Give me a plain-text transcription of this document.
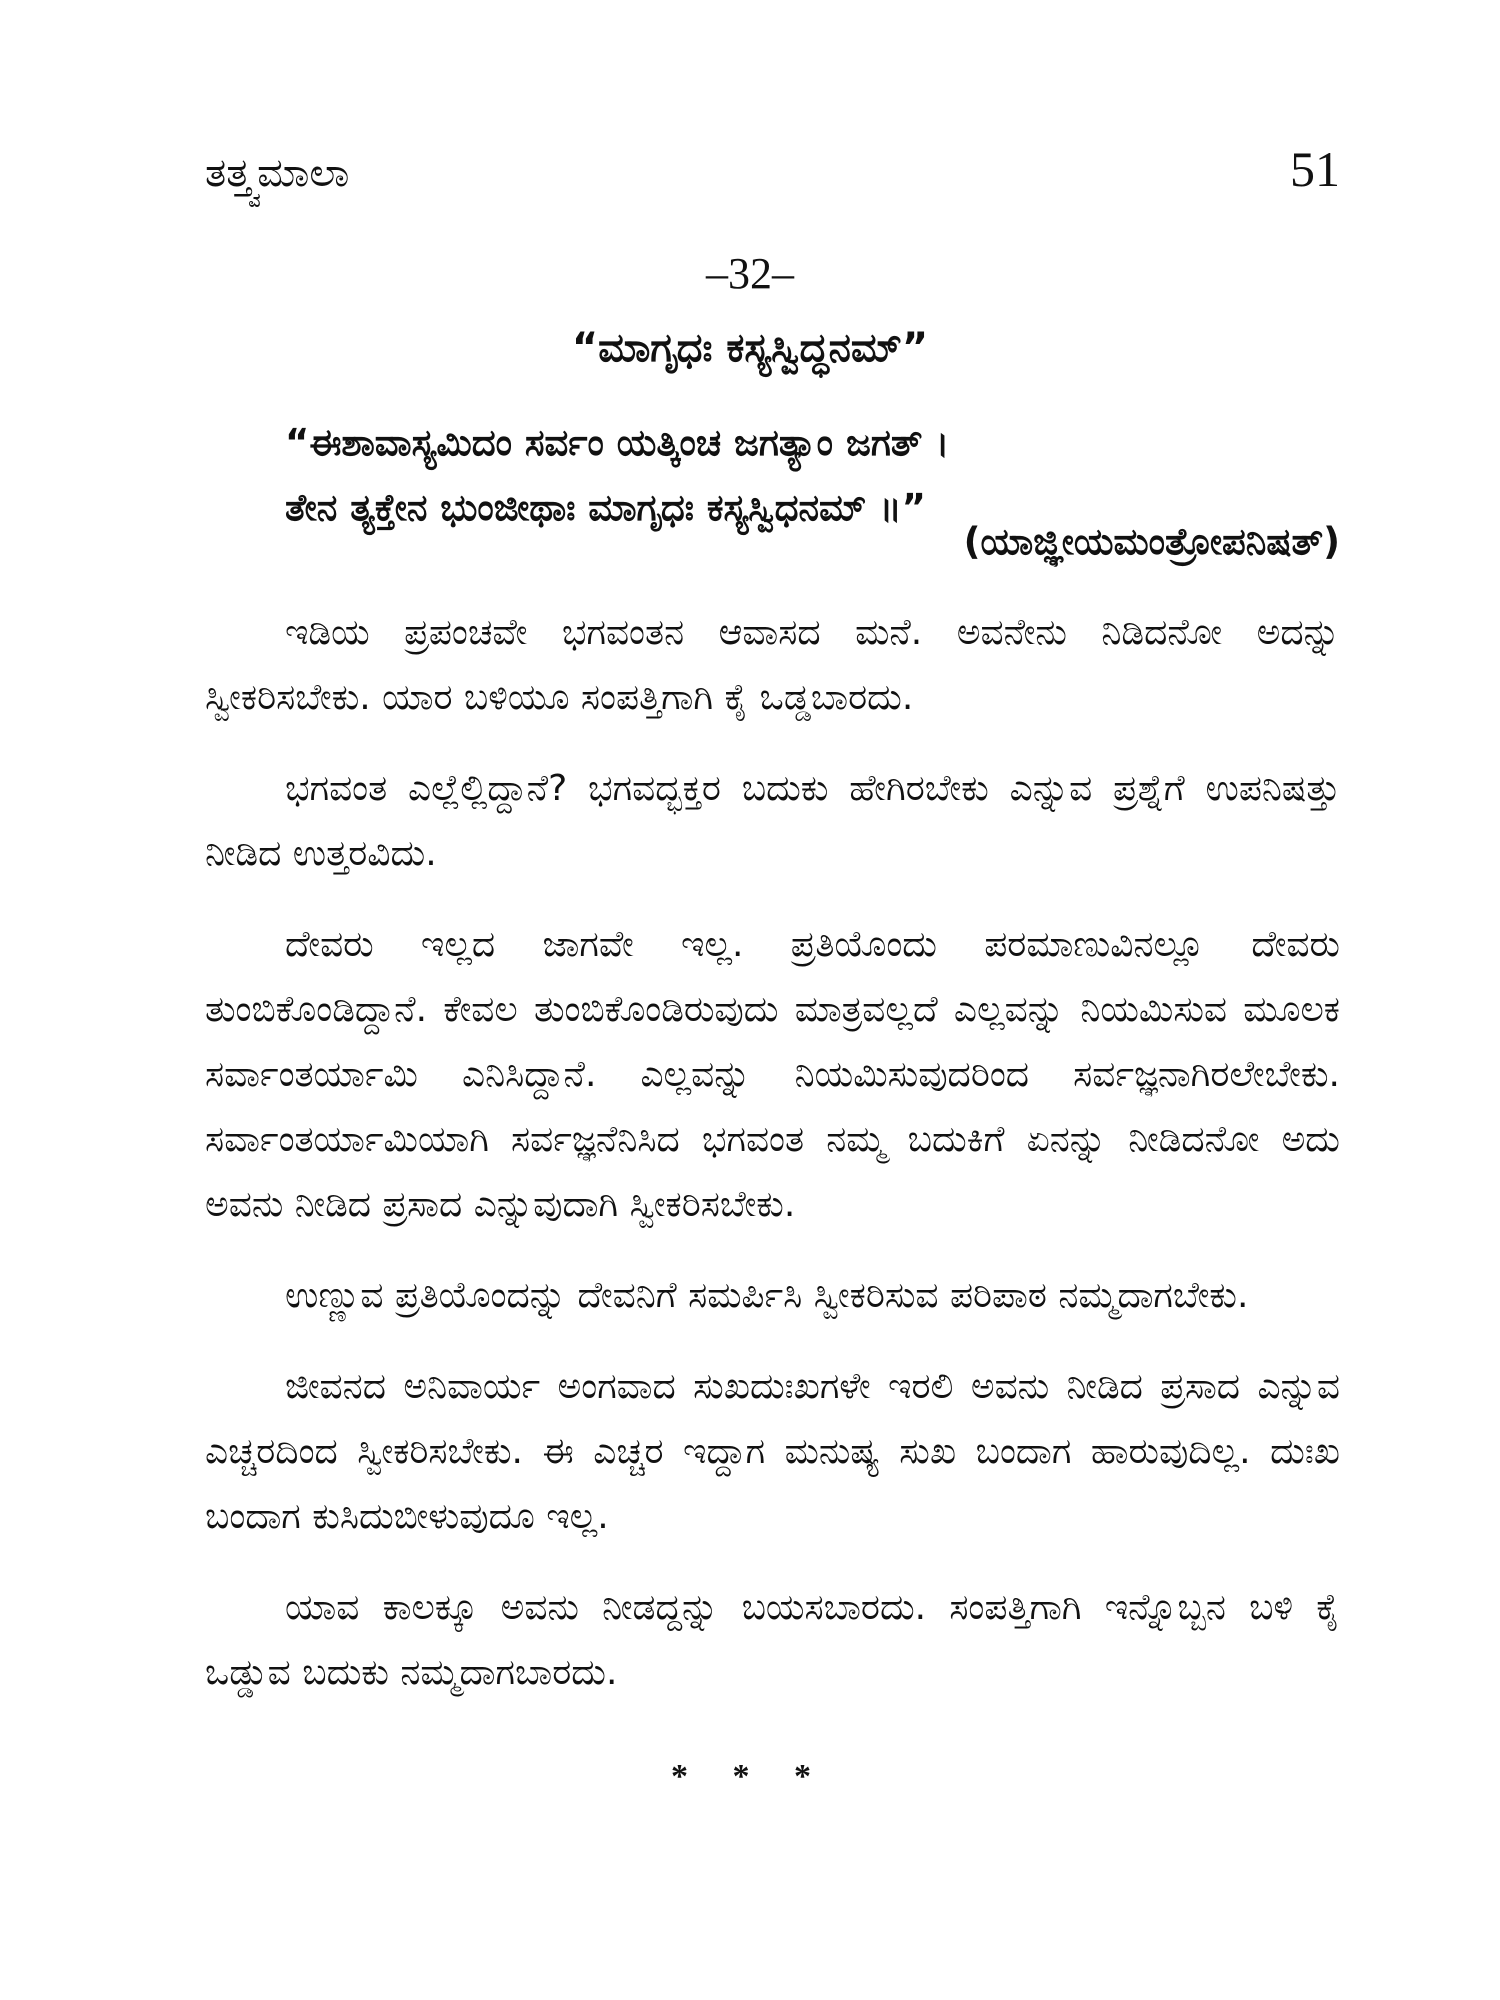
ತತ್ತ್ವಮಾಲಾ	51
–32–
“ಮಾಗೃಧಃ ಕಸ್ಯಸ್ವಿದ್ಧನಮ್”
“ಈಶಾವಾಸ್ಯಮಿದಂ ಸರ್ವಂ ಯತ್ಕಿಂಚ ಜಗತ್ಯಾಂ ಜಗತ್ ।
ತೇನ ತ್ಯಕ್ತೇನ ಭುಂಜೀಥಾಃ ಮಾಗೃಧಃ ಕಸ್ಯಸ್ವಿಧನಮ್ ॥”
(ಯಾಜ್ಞೀಯಮಂತ್ರೋಪನಿಷತ್)

ಇಡಿಯ ಪ್ರಪಂಚವೇ ಭಗವಂತನ ಆವಾಸದ ಮನೆ. ಅವನೇನು ನಿಡಿದನೋ ಅದನ್ನು ಸ್ವೀಕರಿಸಬೇಕು. ಯಾರ ಬಳಿಯೂ ಸಂಪತ್ತಿಗಾಗಿ ಕೈ ಒಡ್ಡಬಾರದು.

ಭಗವಂತ ಎಲ್ಲೆಲ್ಲಿದ್ದಾನೆ? ಭಗವದ್ಭಕ್ತರ ಬದುಕು ಹೇಗಿರಬೇಕು ಎನ್ನುವ ಪ್ರಶ್ನೆಗೆ ಉಪನಿಷತ್ತು ನೀಡಿದ ಉತ್ತರವಿದು.

ದೇವರು ಇಲ್ಲದ ಜಾಗವೇ ಇಲ್ಲ. ಪ್ರತಿಯೊಂದು ಪರಮಾಣುವಿನಲ್ಲೂ ದೇವರು ತುಂಬಿಕೊಂಡಿದ್ದಾನೆ. ಕೇವಲ ತುಂಬಿಕೊಂಡಿರುವುದು ಮಾತ್ರವಲ್ಲದೆ ಎಲ್ಲವನ್ನು ನಿಯಮಿಸುವ ಮೂಲಕ ಸರ್ವಾಂತರ್ಯಾಮಿ ಎನಿಸಿದ್ದಾನೆ. ಎಲ್ಲವನ್ನು ನಿಯಮಿಸುವುದರಿಂದ ಸರ್ವಜ್ಞನಾಗಿರಲೇಬೇಕು. ಸರ್ವಾಂತರ್ಯಾಮಿಯಾಗಿ ಸರ್ವಜ್ಞನೆನಿಸಿದ ಭಗವಂತ ನಮ್ಮ ಬದುಕಿಗೆ ಏನನ್ನು ನೀಡಿದನೋ ಅದು ಅವನು ನೀಡಿದ ಪ್ರಸಾದ ಎನ್ನುವುದಾಗಿ ಸ್ವೀಕರಿಸಬೇಕು.

ಉಣ್ಣುವ ಪ್ರತಿಯೊಂದನ್ನು ದೇವನಿಗೆ ಸಮರ್ಪಿಸಿ ಸ್ವೀಕರಿಸುವ ಪರಿಪಾಠ ನಮ್ಮದಾಗಬೇಕು.

ಜೀವನದ ಅನಿವಾರ್ಯ ಅಂಗವಾದ ಸುಖದುಃಖಗಳೇ ಇರಲಿ ಅವನು ನೀಡಿದ ಪ್ರಸಾದ ಎನ್ನುವ ಎಚ್ಚರದಿಂದ ಸ್ವೀಕರಿಸಬೇಕು. ಈ ಎಚ್ಚರ ಇದ್ದಾಗ ಮನುಷ್ಯ ಸುಖ ಬಂದಾಗ ಹಾರುವುದಿಲ್ಲ. ದುಃಖ ಬಂದಾಗ ಕುಸಿದುಬೀಳುವುದೂ ಇಲ್ಲ.

ಯಾವ ಕಾಲಕ್ಕೂ ಅವನು ನೀಡದ್ದನ್ನು ಬಯಸಬಾರದು. ಸಂಪತ್ತಿಗಾಗಿ ಇನ್ನೊಬ್ಬನ ಬಳಿ ಕೈ ಒಡ್ಡುವ ಬದುಕು ನಮ್ಮದಾಗಬಾರದು.

* * *
